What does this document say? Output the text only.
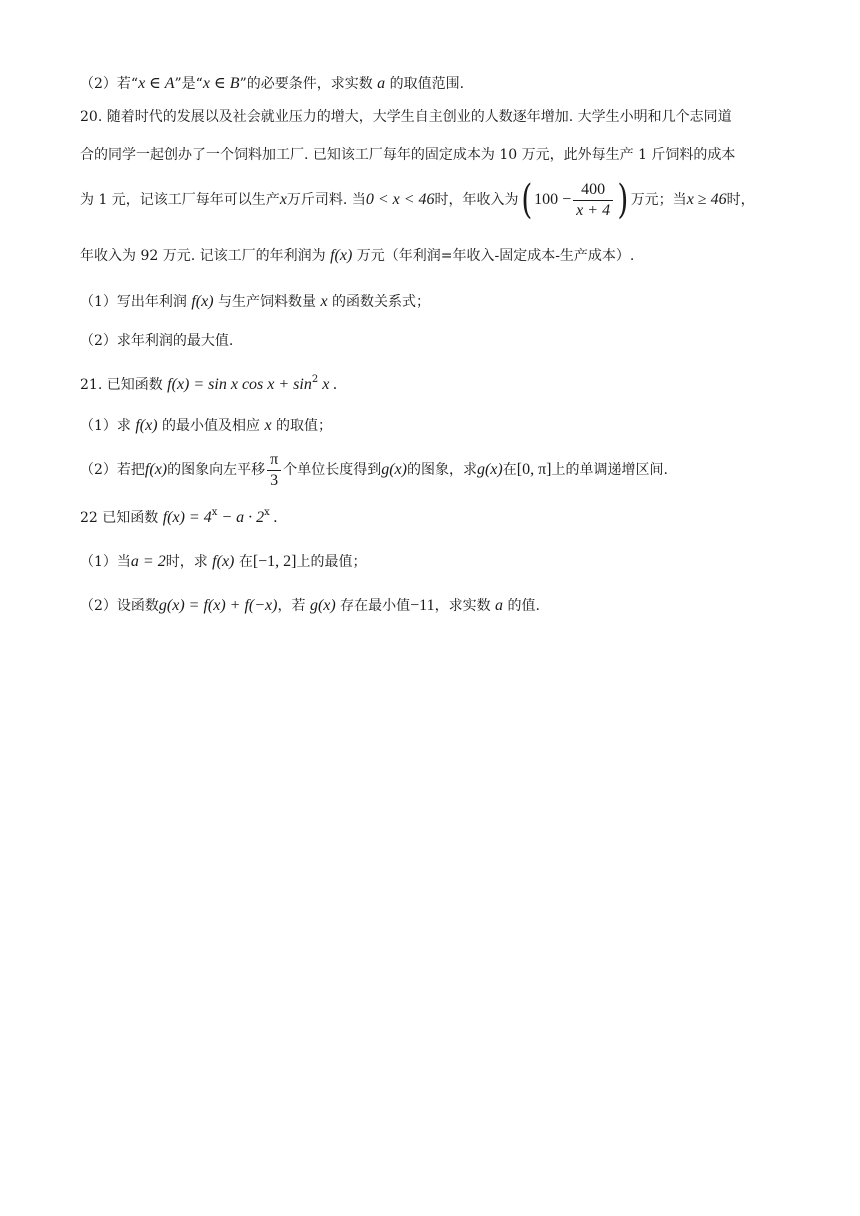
（2）若“x ∈ A”是“x ∈ B”的必要条件，求实数 a 的取值范围.
20. 随着时代的发展以及社会就业压力的增大，大学生自主创业的人数逐年增加. 大学生小明和几个志同道
合的同学一起创办了一个饲料加工厂. 已知该工厂每年的固定成本为 10 万元，此外每生产 1 斤饲料的成本
为 1 元，记该工厂每年可以生产 x 万斤司料. 当 0 < x < 46 时，年收入为 ( $100 - \frac{400}{x + 4}$ ) 万元；当 x ≥ 46 时，
年收入为 92 万元. 记该工厂的年利润为 f(x) 万元（年利润=年收入-固定成本-生产成本）.
（1）写出年利润 f(x) 与生产饲料数量 x 的函数关系式；
（2）求年利润的最大值.
21. 已知函数 f(x) = sin x $\cos x + \sin^2 x$ .
（1）求 f(x) 的最小值及相应 x 的取值；
（2）若把 f(x) 的图象向左平移 $\frac{\pi}{3}$ 个单位长度得到 g(x) 的图象，求 g(x) 在 [0, π] 上的单调递增区间.
22 已知函数 $f(x) = 4^x - a \cdot 2^x$ .
（1）当a = 2时，求 f(x) 在[−1, 2]上的最值；
（2）设函数g(x) = f(x) + f(−x)，若 g(x) 存在最小值−11，求实数 a 的值.
